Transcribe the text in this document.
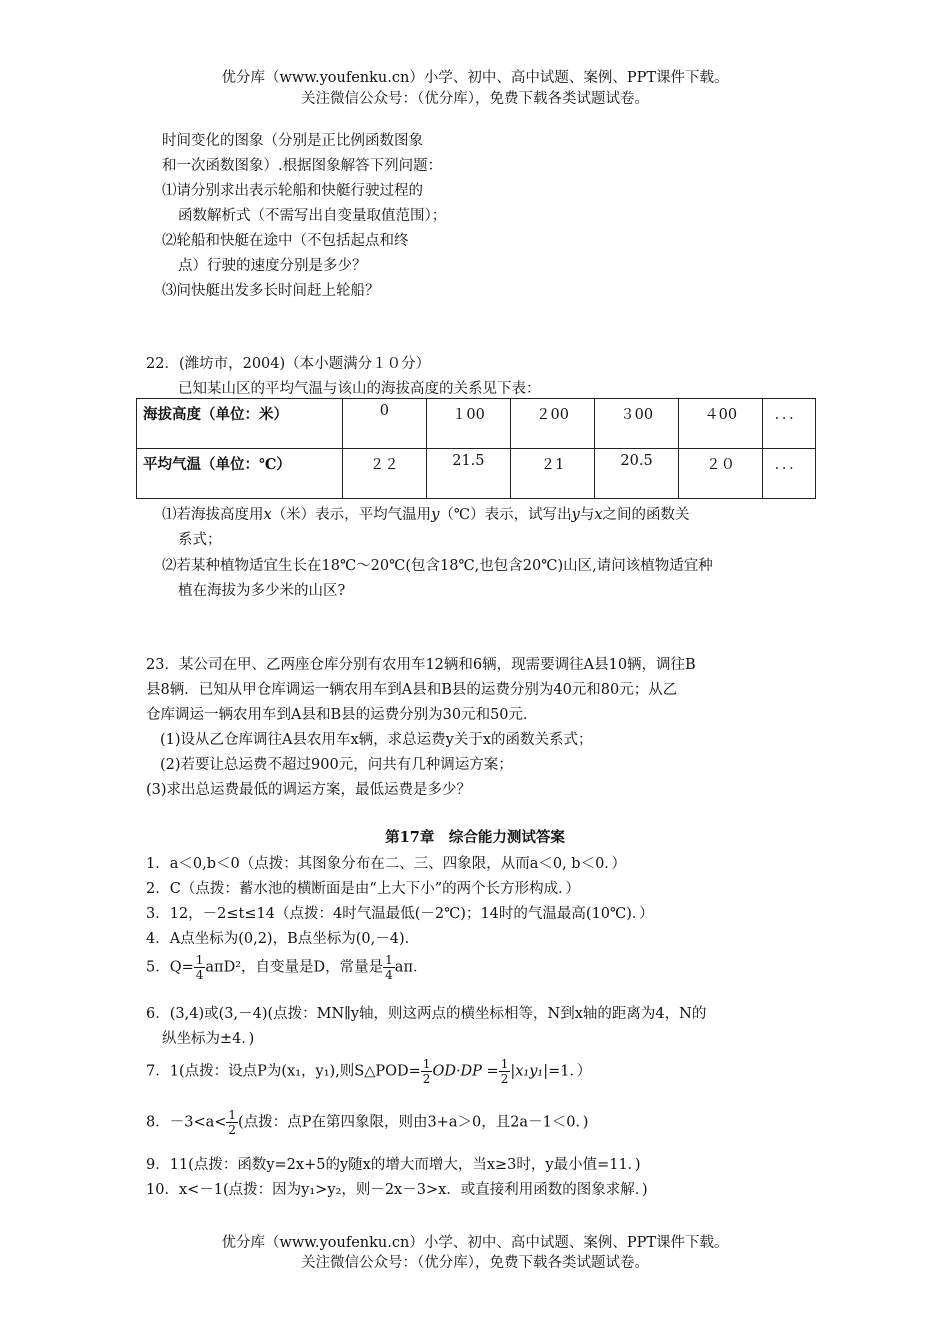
优分库（www.youfenku.cn）小学、初中、高中试题、案例、PPT课件下载。
关注微信公众号：（优分库），免费下载各类试题试卷。
时间变化的图象（分别是正比例函数图象
和一次函数图象）.根据图象解答下列问题：
⑴请分别求出表示轮船和快艇行驶过程的
函数解析式（不需写出自变量取值范围）；
⑵轮船和快艇在途中（不包括起点和终
点）行驶的速度分别是多少？
⑶问快艇出发多长时间赶上轮船？
22．(潍坊市，2004)（本小题满分１０分）
已知某山区的平均气温与该山的海拔高度的关系见下表：
海拔高度（单位：米）	0	１00	２00	３00	４00	．．．
平均气温（单位：℃）	２２	21.5	２1	20.5	２０	．．．
⑴若海拔高度用x（米）表示，平均气温用y（℃）表示，试写出y与x之间的函数关
系式；
⑵若某种植物适宜生长在18℃～20℃(包含18℃,也包含20℃)山区,请问该植物适宜种
植在海拔为多少米的山区?
23．某公司在甲、乙两座仓库分别有农用车12辆和6辆，现需要调往A县10辆，调往B
县8辆．已知从甲仓库调运一辆农用车到A县和B县的运费分别为40元和80元；从乙
仓库调运一辆农用车到A县和B县的运费分别为30元和50元．
(1)设从乙仓库调往A县农用车x辆，求总运费y关于x的函数关系式；
(2)若要让总运费不超过900元，问共有几种调运方案；
(3)求出总运费最低的调运方案，最低运费是多少？
第17章　综合能力测试答案
1．a＜0,b＜0（点拨：其图象分布在二、三、四象限，从而a＜0, b＜0．）
2．C（点拨：蓄水池的横断面是由“上大下小”的两个长方形构成．）
3．12，－2≤t≤14（点拨：4时气温最低(－2℃)；14时的气温最高(10℃)．）
4．A点坐标为(0,2)，B点坐标为(0,－4)．
5．$Q= \frac{1}{4} a\pi D^2$，自变量是D，常量是 $\frac{1}{4}$ aπ．
6．(3,4)或(3,－4)(点拨：MN∥y轴，则这两点的横坐标相等，N到x轴的距离为4，N的
纵坐标为±4．)
7．1(点拨：设点P为(x₁，y₁),则S△POD= $\frac{1}{2} OD\cdot DP = \frac{1}{2} |x_1y_1|=1$．）
8．$-3<a< \frac{1}{2}$ (点拨：点P在第四象限，则由3+a＞0，且2a－1＜0．)
9．11(点拨：函数y=2x+5的y随x的增大而增大，当x≥3时，y最小值=11．)
10．x<－1(点拨：因为y₁>y₂，则－2x－3>x．或直接利用函数的图象求解．)
优分库（www.youfenku.cn）小学、初中、高中试题、案例、PPT课件下载。
关注微信公众号：（优分库），免费下载各类试题试卷。
